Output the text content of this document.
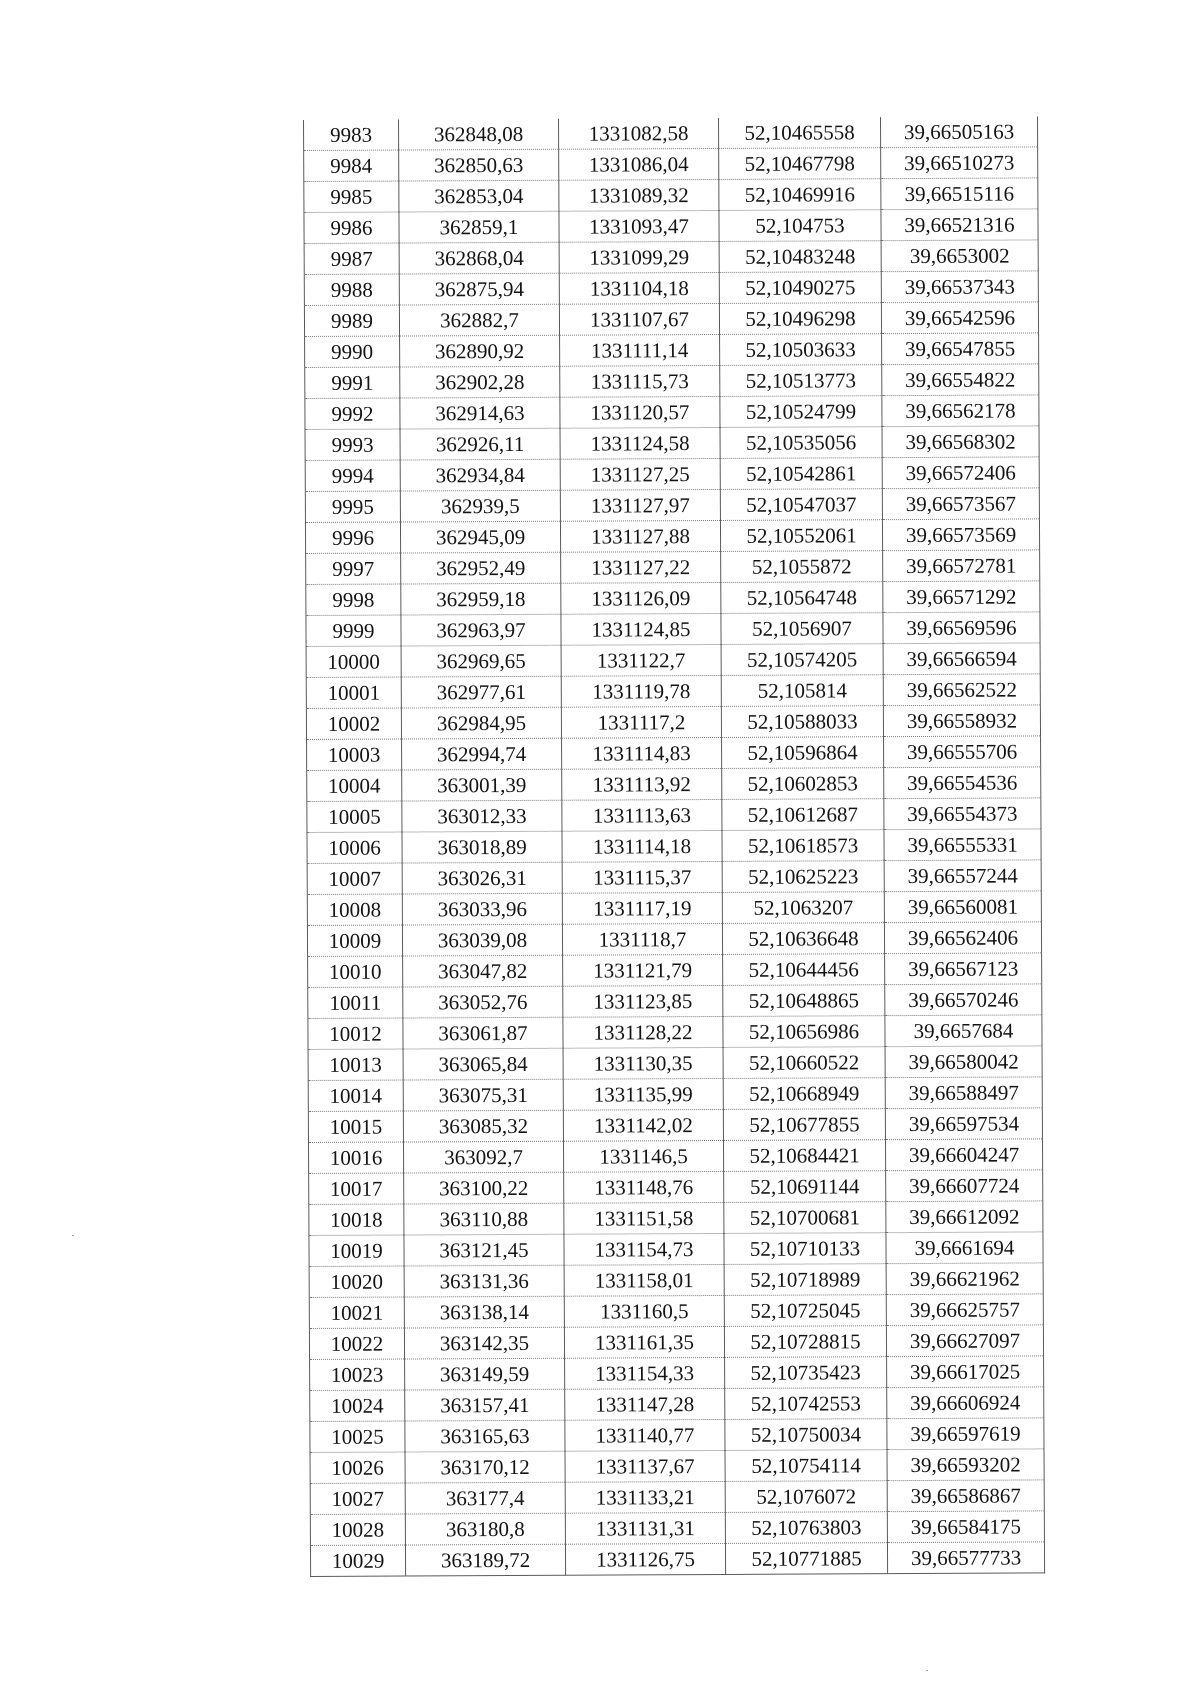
9983	362848,08	1331082,58	52,10465558	39,66505163
9984	362850,63	1331086,04	52,10467798	39,66510273
9985	362853,04	1331089,32	52,10469916	39,66515116
9986	362859,1	1331093,47	52,104753	39,66521316
9987	362868,04	1331099,29	52,10483248	39,6653002
9988	362875,94	1331104,18	52,10490275	39,66537343
9989	362882,7	1331107,67	52,10496298	39,66542596
9990	362890,92	1331111,14	52,10503633	39,66547855
9991	362902,28	1331115,73	52,10513773	39,66554822
9992	362914,63	1331120,57	52,10524799	39,66562178
9993	362926,11	1331124,58	52,10535056	39,66568302
9994	362934,84	1331127,25	52,10542861	39,66572406
9995	362939,5	1331127,97	52,10547037	39,66573567
9996	362945,09	1331127,88	52,10552061	39,66573569
9997	362952,49	1331127,22	52,1055872	39,66572781
9998	362959,18	1331126,09	52,10564748	39,66571292
9999	362963,97	1331124,85	52,1056907	39,66569596
10000	362969,65	1331122,7	52,10574205	39,66566594
10001	362977,61	1331119,78	52,105814	39,66562522
10002	362984,95	1331117,2	52,10588033	39,66558932
10003	362994,74	1331114,83	52,10596864	39,66555706
10004	363001,39	1331113,92	52,10602853	39,66554536
10005	363012,33	1331113,63	52,10612687	39,66554373
10006	363018,89	1331114,18	52,10618573	39,66555331
10007	363026,31	1331115,37	52,10625223	39,66557244
10008	363033,96	1331117,19	52,1063207	39,66560081
10009	363039,08	1331118,7	52,10636648	39,66562406
10010	363047,82	1331121,79	52,10644456	39,66567123
10011	363052,76	1331123,85	52,10648865	39,66570246
10012	363061,87	1331128,22	52,10656986	39,6657684
10013	363065,84	1331130,35	52,10660522	39,66580042
10014	363075,31	1331135,99	52,10668949	39,66588497
10015	363085,32	1331142,02	52,10677855	39,66597534
10016	363092,7	1331146,5	52,10684421	39,66604247
10017	363100,22	1331148,76	52,10691144	39,66607724
10018	363110,88	1331151,58	52,10700681	39,66612092
10019	363121,45	1331154,73	52,10710133	39,6661694
10020	363131,36	1331158,01	52,10718989	39,66621962
10021	363138,14	1331160,5	52,10725045	39,66625757
10022	363142,35	1331161,35	52,10728815	39,66627097
10023	363149,59	1331154,33	52,10735423	39,66617025
10024	363157,41	1331147,28	52,10742553	39,66606924
10025	363165,63	1331140,77	52,10750034	39,66597619
10026	363170,12	1331137,67	52,10754114	39,66593202
10027	363177,4	1331133,21	52,1076072	39,66586867
10028	363180,8	1331131,31	52,10763803	39,66584175
10029	363189,72	1331126,75	52,10771885	39,66577733
